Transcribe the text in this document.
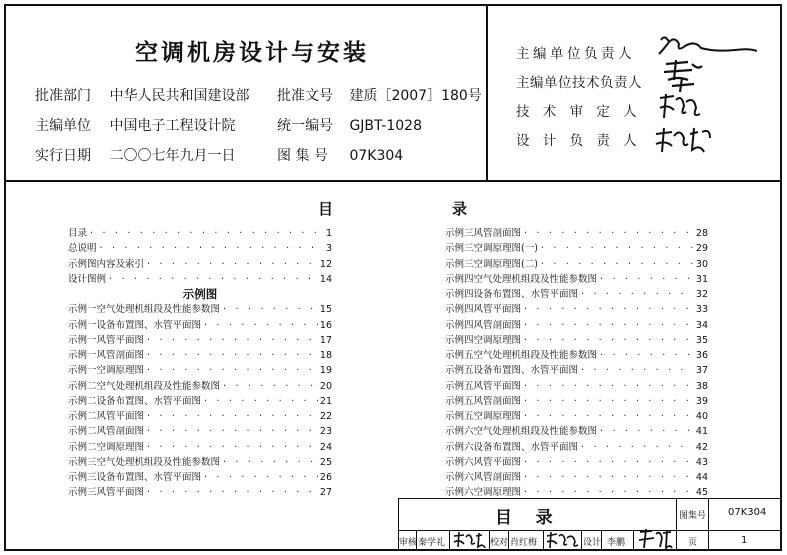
空调机房设计与安装
批准部门 中华人民共和国建设部
主编单位 中国电子工程设计院
实行日期 二〇〇七年九月一日
批准文号 建质［2007］180号
统一编号 GJBT-1028
图 集 号 07K304
主编单位负责人
主编单位技术负责人
技 术 审 定 人
设 计 负 责 人
目	录
目录 · · ·	1
总说明 · · ·	3
示例图内容及索引 · · ·	12
设计图例 · · ·	14
示例图
示例一空气处理机组段及性能参数图 · · ·	15
示例一设备布置图、水管平面图 · · ·	16
示例一风管平面图 · · ·	17
示例一风管剖面图 · · ·	18
示例一空调原理图 · · ·	19
示例二空气处理机组段及性能参数图 · · ·	20
示例二设备布置图、水管平面图 · · ·	21
示例二风管平面图 · · ·	22
示例二风管剖面图 · · ·	23
示例二空调原理图 · · ·	24
示例三空气处理机组段及性能参数图 · · ·	25
示例三设备布置图、水管平面图 · · ·	26
示例三风管平面图 · · ·	27
示例三风管剖面图 · · ·	28
示例三空调原理图(一) · · ·	29
示例三空调原理图(二) · · ·	30
示例四空气处理机组段及性能参数图 · · ·	31
示例四设备布置图、水管平面图 · · ·	32
示例四风管平面图 · · ·	33
示例四风管剖面图 · · ·	34
示例四空调原理图 · · ·	35
示例五空气处理机组段及性能参数图 · · ·	36
示例五设备布置图、水管平面图 · · ·	37
示例五风管平面图 · · ·	38
示例五风管剖面图 · · ·	39
示例五空调原理图 · · ·	40
示例六空气处理机组段及性能参数图 · · ·	41
示例六设备布置图、水管平面图 · · ·	42
示例六风管平面图 · · ·	43
示例六风管剖面图 · · ·	44
示例六空调原理图 · · ·	45
目    录	图集号 07K304
审核 秦学礼	校对 肖红梅	设计 李鹏	页	1
